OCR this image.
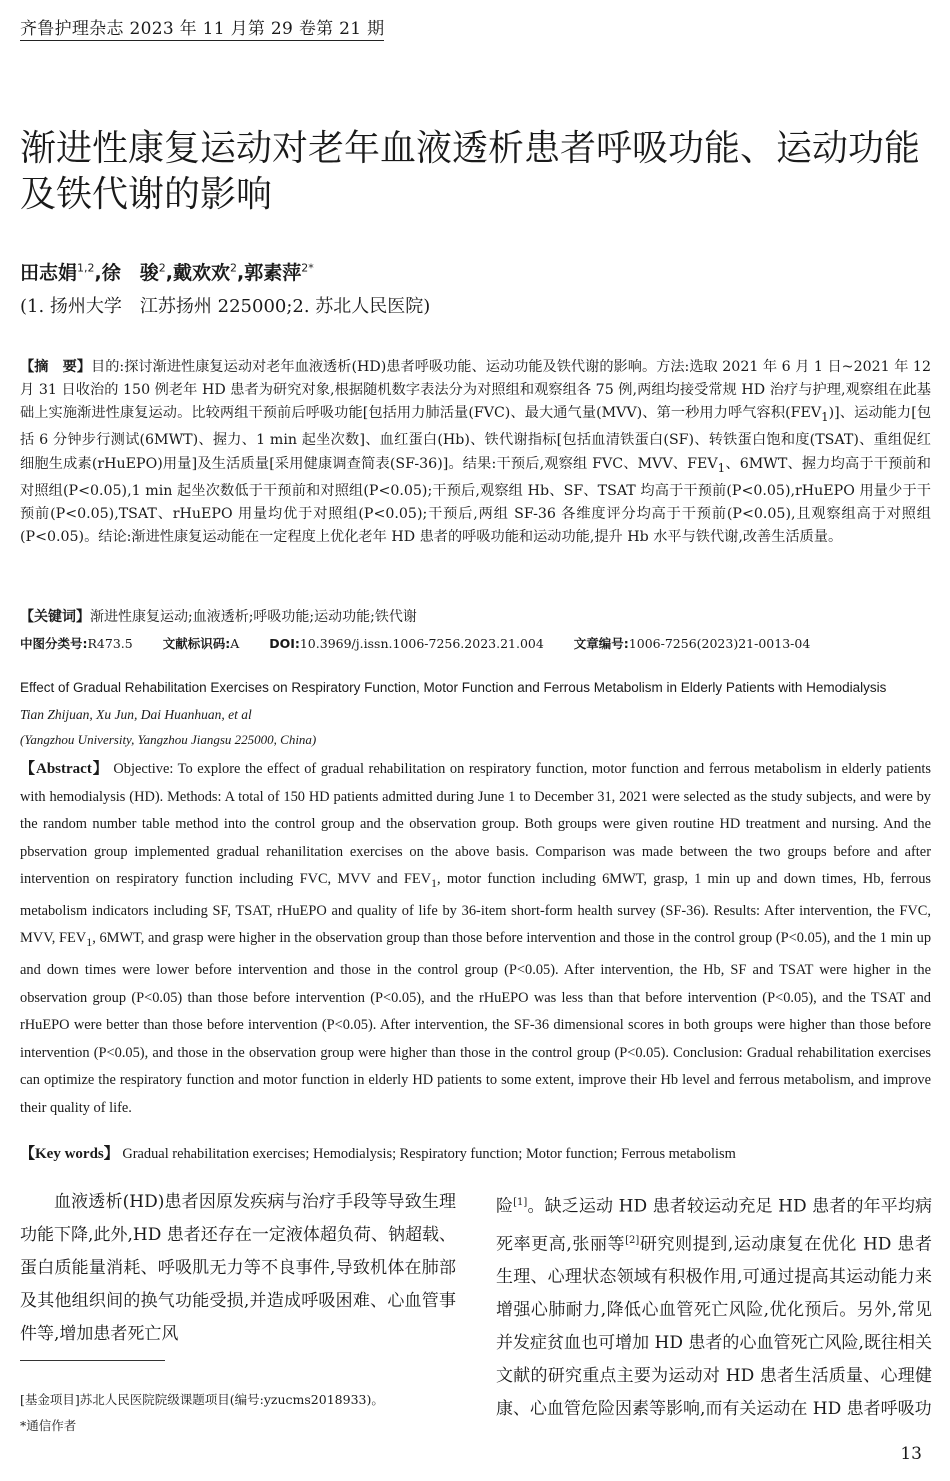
齐鲁护理杂志 2023 年 11 月第 29 卷第 21 期
渐进性康复运动对老年血液透析患者呼吸功能、运动功能及铁代谢的影响
田志娟$^{1,2}$,徐　骏$^2$,戴欢欢$^2$,郭素萍$^{2*}$
(1. 扬州大学　江苏扬州 225000;2. 苏北人民医院)

【摘　要】目的:探讨渐进性康复运动对老年血液透析(HD)患者呼吸功能、运动功能及铁代谢的影响。方法:选取 2021 年 6 月 1 日~2021 年 12 月 31 日收治的 150 例老年 HD 患者为研究对象,根据随机数字表法分为对照组和观察组各 75 例,两组均接受常规 HD 治疗与护理,观察组在此基础上实施渐进性康复运动。比较两组干预前后呼吸功能[包括用力肺活量(FVC)、最大通气量(MVV)、第一秒用力呼气容积$(FEV_1)$]、运动能力[包括 6 分钟步行测试(6MWT)、握力、1 min 起坐次数]、血红蛋白(Hb)、铁代谢指标[包括血清铁蛋白(SF)、转铁蛋白饱和度(TSAT)、重组促红细胞生成素(rHuEPO)用量]及生活质量[采用健康调查简表(SF-36)]。结果:干预后,观察组 FVC、MVV、$FEV_1$、6MWT、握力均高于干预前和对照组(P<0.05),1 min 起坐次数低于干预前和对照组(P<0.05);干预后,观察组 Hb、SF、TSAT 均高于干预前(P<0.05),rHuEPO 用量少于干预前(P<0.05),TSAT、rHuEPO 用量均优于对照组(P<0.05);干预后,两组 SF-36 各维度评分均高于干预前(P<0.05),且观察组高于对照组(P<0.05)。结论:渐进性康复运动能在一定程度上优化老年 HD 患者的呼吸功能和运动功能,提升 Hb 水平与铁代谢,改善生活质量。

【关键词】渐进性康复运动;血液透析;呼吸功能;运动功能;铁代谢
中图分类号:R473.5 文献标识码:A DOI:10.3969/j.issn.1006-7256.2023.21.004 文章编号:1006-7256(2023)21-0013-04
Effect of Gradual Rehabilitation Exercises on Respiratory Function, Motor Function and Ferrous Metabolism in Elderly Patients with Hemodialysis
Tian Zhijuan, Xu Jun, Dai Huanhuan, et al
(Yangzhou University, Yangzhou Jiangsu 225000, China)

【Abstract】 Objective: To explore the effect of gradual rehabilitation on respiratory function, motor function and ferrous metabolism in elderly patients with hemodialysis (HD). Methods: A total of 150 HD patients admitted during June 1 to December 31, 2021 were selected as the study subjects, and were by the random number table method into the control group and the observation group. Both groups were given routine HD treatment and nursing. And the pbservation group implemented gradual rehanilitation exercises on the above basis. Comparison was made between the two groups before and after intervention on respiratory function including FVC, MVV and $FEV_1$, motor function including 6MWT, grasp, 1 min up and down times, Hb, ferrous metabolism indicators including SF, TSAT, rHuEPO and quality of life by 36-item short-form health survey (SF-36). Results: After intervention, the FVC, MVV, $FEV_1$, 6MWT, and grasp were higher in the observation group than those before intervention and those in the control group (P<0.05), and the 1 min up and down times were lower before intervention and those in the control group (P<0.05). After intervention, the Hb, SF and TSAT were higher in the observation group (P<0.05) than those before intervention (P<0.05), and the rHuEPO was less than that before intervention (P<0.05), and the TSAT and rHuEPO were better than those before intervention (P<0.05). After intervention, the SF-36 dimensional scores in both groups were higher than those before intervention (P<0.05), and those in the observation group were higher than those in the control group (P<0.05). Conclusion: Gradual rehabilitation exercises can optimize the respiratory function and motor function in elderly HD patients to some extent, improve their Hb level and ferrous metabolism, and improve their quality of life.

【Key words】 Gradual rehabilitation exercises; Hemodialysis; Respiratory function; Motor function; Ferrous metabolism

血液透析(HD)患者因原发疾病与治疗手段等导致生理功能下降,此外,HD 患者还存在一定液体超负荷、钠超载、蛋白质能量消耗、呼吸肌无力等不良事件,导致机体在肺部及其他组织间的换气功能受损,并造成呼吸困难、心血管事件等,增加患者死亡风

险[1]。缺乏运动 HD 患者较运动充足 HD 患者的年平均病死率更高,张丽等[2]研究则提到,运动康复在优化 HD 患者生理、心理状态领域有积极作用,可通过提高其运动能力来增强心肺耐力,降低心血管死亡风险,优化预后。另外,常见并发症贫血也可增加 HD 患者的心血管死亡风险,既往相关文献的研究重点主要为运动对 HD 患者生活质量、心理健康、心血管危险因素等影响,而有关运动在 HD 患者呼吸功

[基金项目]苏北人民医院院级课题项目(编号:yzucms2018933)。
*通信作者
13
